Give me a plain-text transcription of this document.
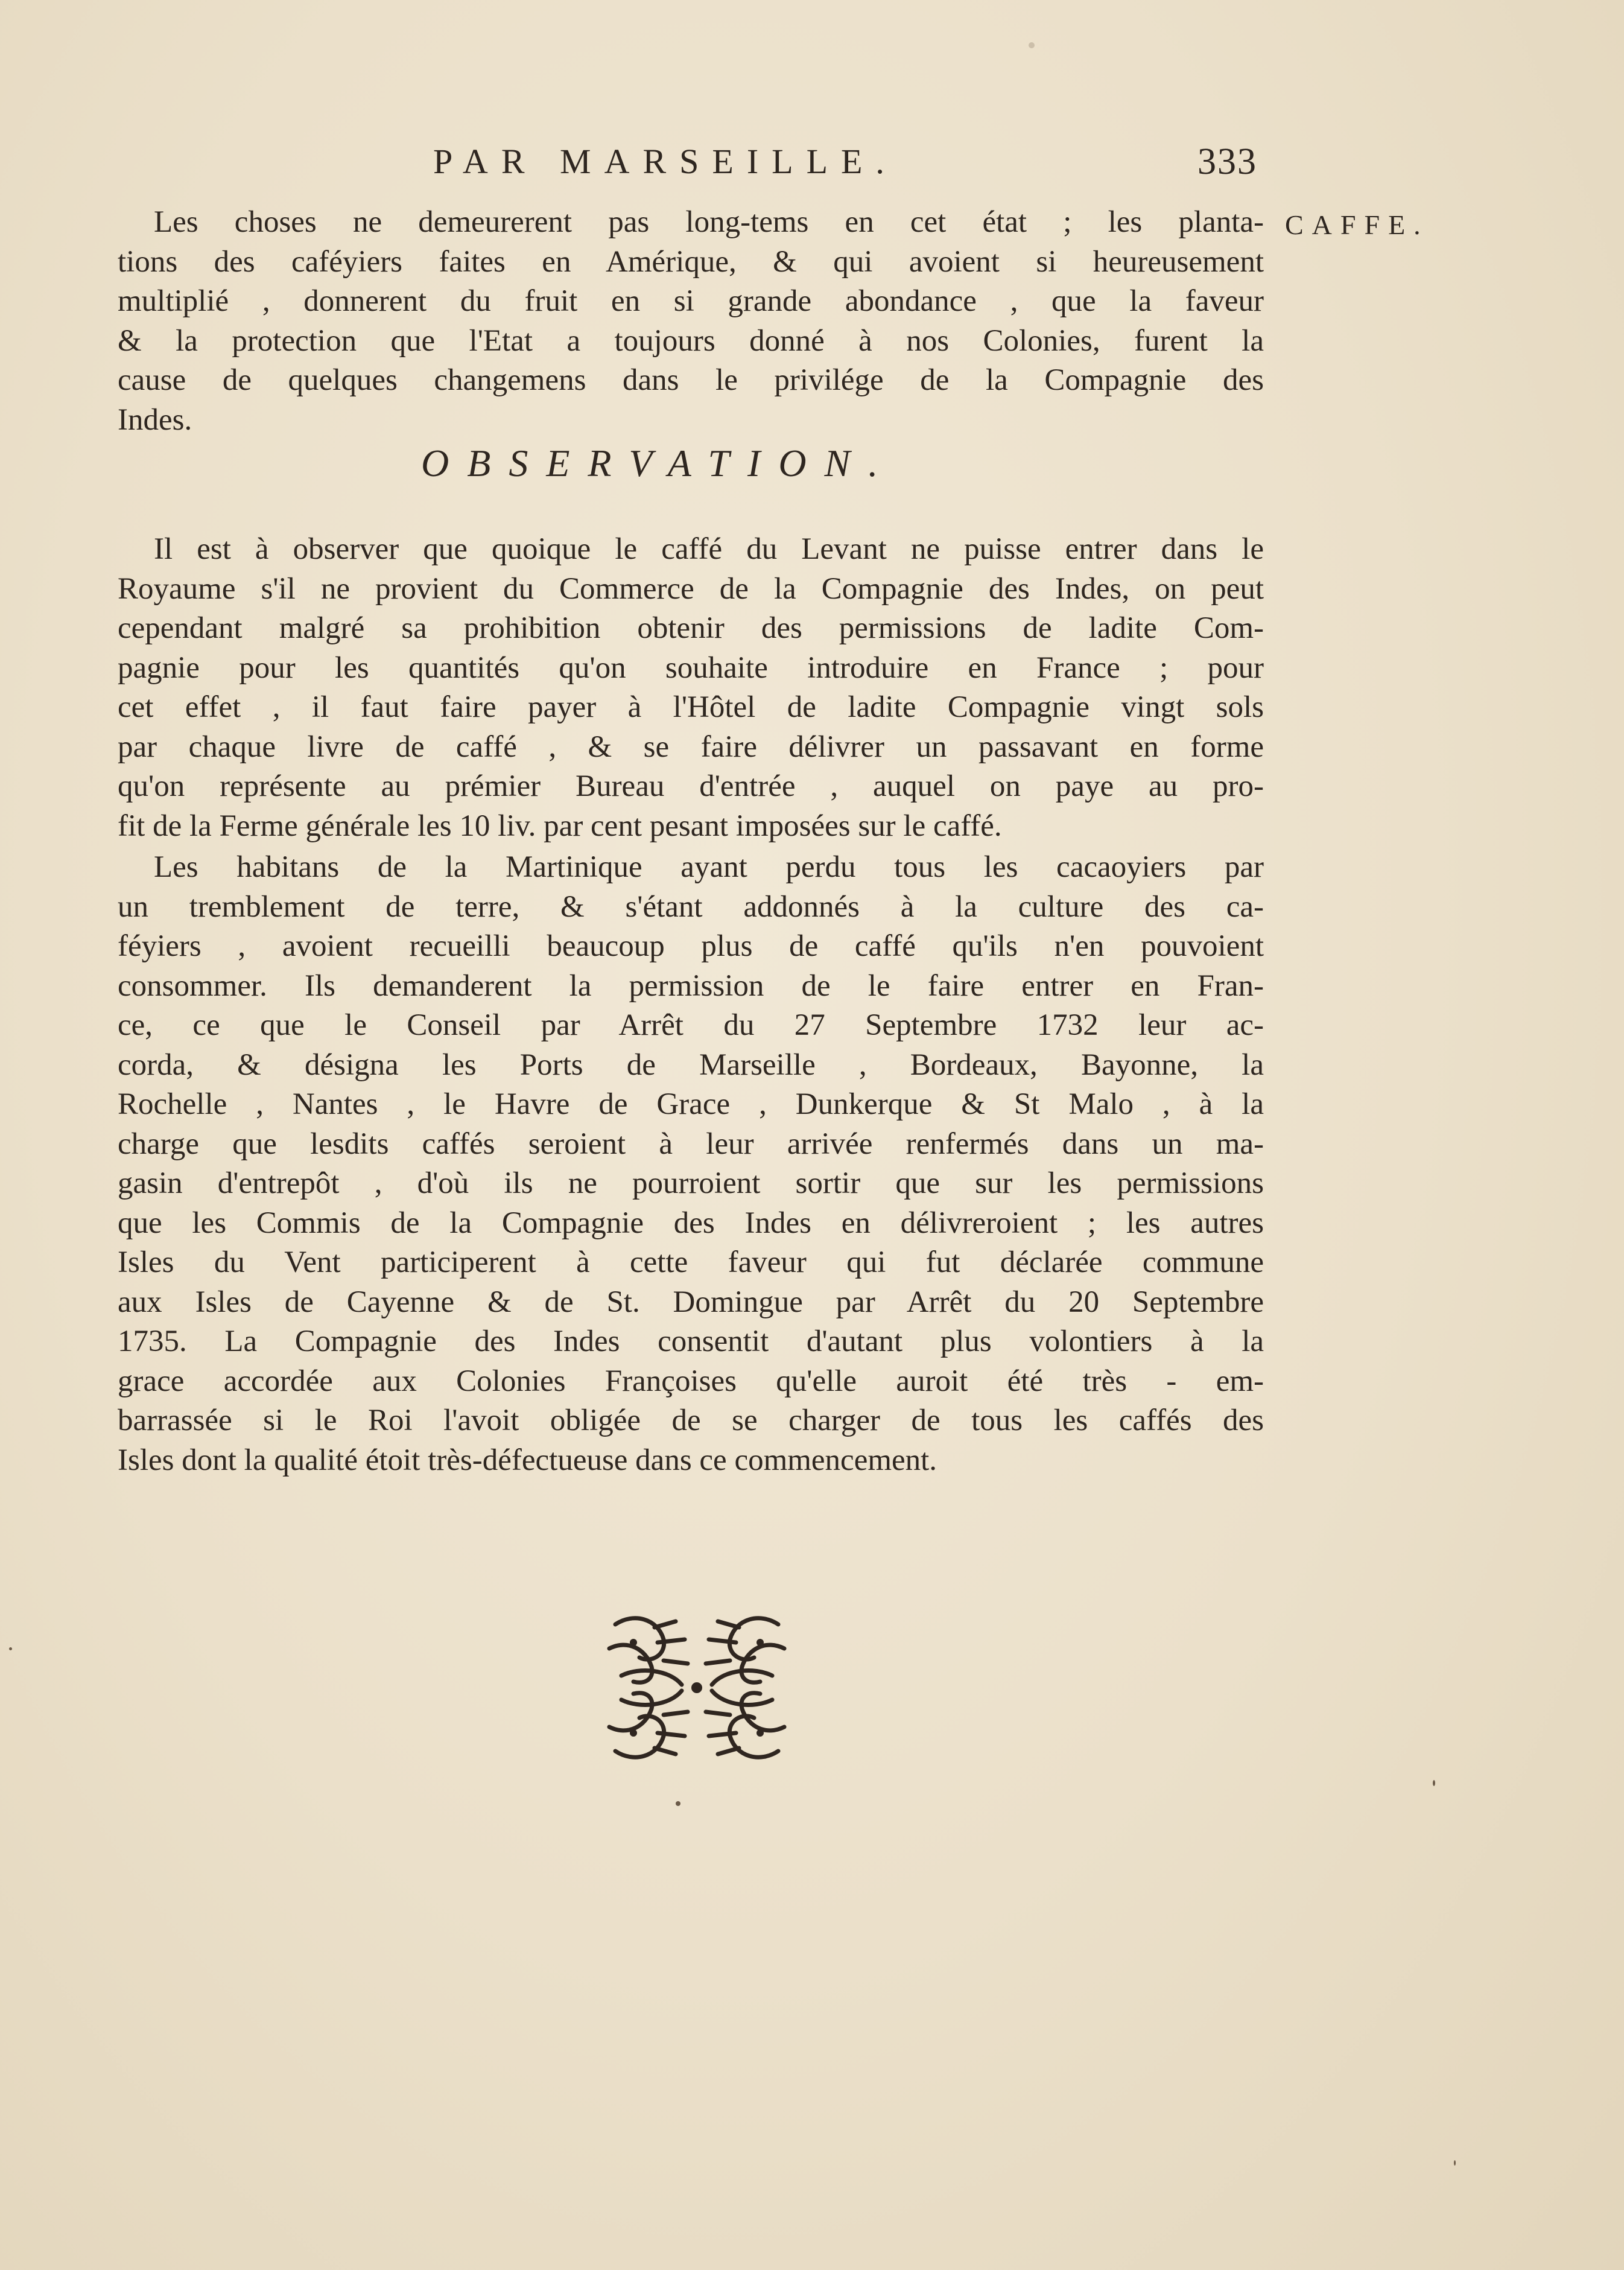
PAR MARSEILLE.	333
CAFFE.
Les choses ne demeurerent pas long-tems en cet état ; les planta-
tions des caféyiers faites en Amérique, & qui avoient si heureusement
multiplié , donnerent du fruit en si grande abondance , que la faveur
& la protection que l'Etat a toujours donné à nos Colonies, furent la
cause de quelques changemens dans le privilége de la Compagnie des
Indes.
OBSERVATION.
Il est à observer que quoique le caffé du Levant ne puisse entrer dans le
Royaume s'il ne provient du Commerce de la Compagnie des Indes, on peut
cependant malgré sa prohibition obtenir des permissions de ladite Com-
pagnie pour les quantités qu'on souhaite introduire en France ; pour
cet effet , il faut faire payer à l'Hôtel de ladite Compagnie vingt sols
par chaque livre de caffé , & se faire délivrer un passavant en forme
qu'on représente au prémier Bureau d'entrée , auquel on paye au pro-
fit de la Ferme générale les 10 liv. par cent pesant imposées sur le caffé.
Les habitans de la Martinique ayant perdu tous les cacaoyiers par
un tremblement de terre, & s'étant addonnés à la culture des ca-
féyiers , avoient recueilli beaucoup plus de caffé qu'ils n'en pouvoient
consommer. Ils demanderent la permission de le faire entrer en Fran-
ce, ce que le Conseil par Arrêt du 27 Septembre 1732 leur ac-
corda, & désigna les Ports de Marseille , Bordeaux, Bayonne, la
Rochelle , Nantes , le Havre de Grace , Dunkerque & St Malo , à la
charge que lesdits caffés seroient à leur arrivée renfermés dans un ma-
gasin d'entrepôt , d'où ils ne pourroient sortir que sur les permissions
que les Commis de la Compagnie des Indes en délivreroient ; les autres
Isles du Vent participerent à cette faveur qui fut déclarée commune
aux Isles de Cayenne & de St. Domingue par Arrêt du 20 Septembre
1735. La Compagnie des Indes consentit d'autant plus volontiers à la
grace accordée aux Colonies Françoises qu'elle auroit été très - em-
barrassée si le Roi l'avoit obligée de se charger de tous les caffés des
Isles dont la qualité étoit très-défectueuse dans ce commencement.
